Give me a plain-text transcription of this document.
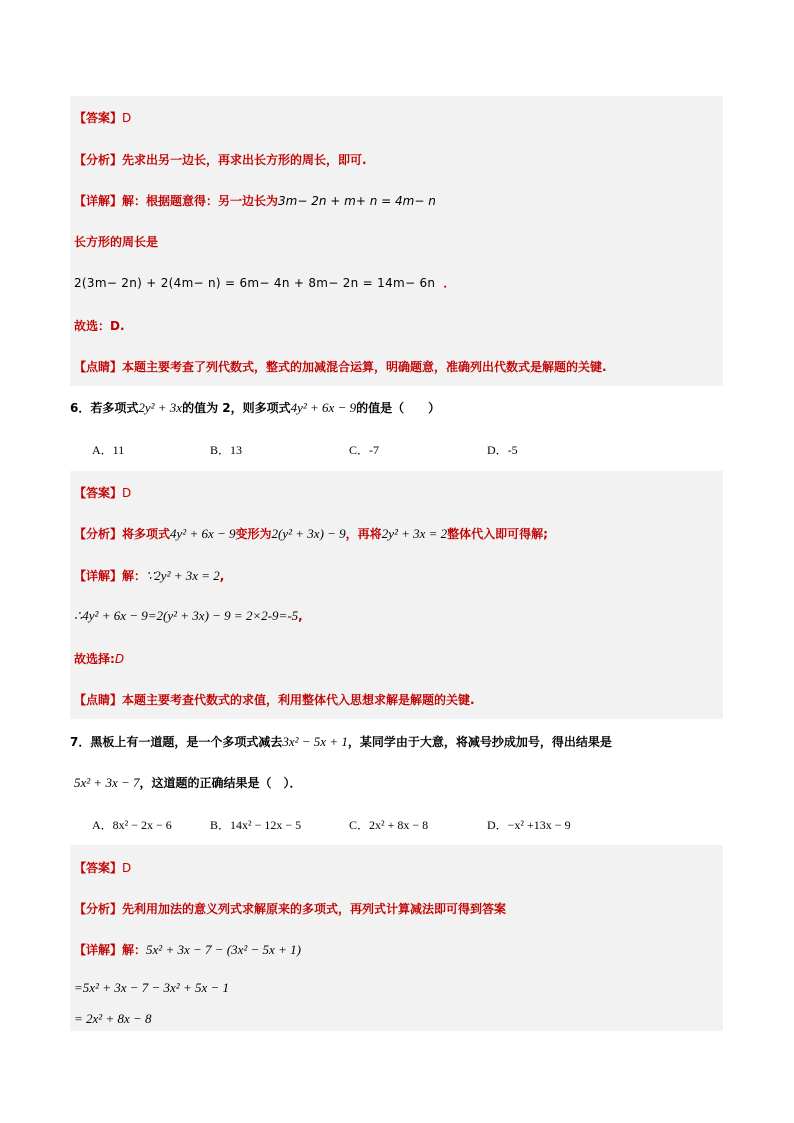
【答案】D
【分析】先求出另一边长，再求出长方形的周长，即可.
【详解】解：根据题意得：另一边长为3m− 2n + m+ n = 4m− n
长方形的周长是
2(3m− 2n) + 2(4m− n) = 6m− 4n + 8m− 2n = 14m− 6n ．
故选：D.
【点睛】本题主要考查了列代数式，整式的加减混合运算，明确题意，准确列出代数式是解题的关键.
6．若多项式2y² + 3x的值为 2，则多项式4y² + 6x − 9的值是（　　）
A．11	B．13	C．-7	D．-5
【答案】D
【分析】将多项式4y² + 6x − 9变形为2(y² + 3x) − 9，再将2y² + 3x = 2整体代入即可得解;
【详解】解：∵2y² + 3x = 2,
∴4y² + 6x − 9=2(y² + 3x) − 9 = 2×2-9=-5,
故选择:D
【点睛】本题主要考查代数式的求值，利用整体代入思想求解是解题的关键.
7．黑板上有一道题，是一个多项式减去3x² − 5x + 1，某同学由于大意，将减号抄成加号，得出结果是
5x² + 3x − 7，这道题的正确结果是（　）．
A．8x² − 2x − 6	B．14x² − 12x − 5	C．2x² + 8x − 8	D．−x² +13x − 9
【答案】D
【分析】先利用加法的意义列式求解原来的多项式，再列式计算减法即可得到答案
【详解】解：5x² + 3x − 7 − (3x² − 5x + 1)
=5x² + 3x − 7 − 3x² + 5x − 1
= 2x² + 8x − 8
